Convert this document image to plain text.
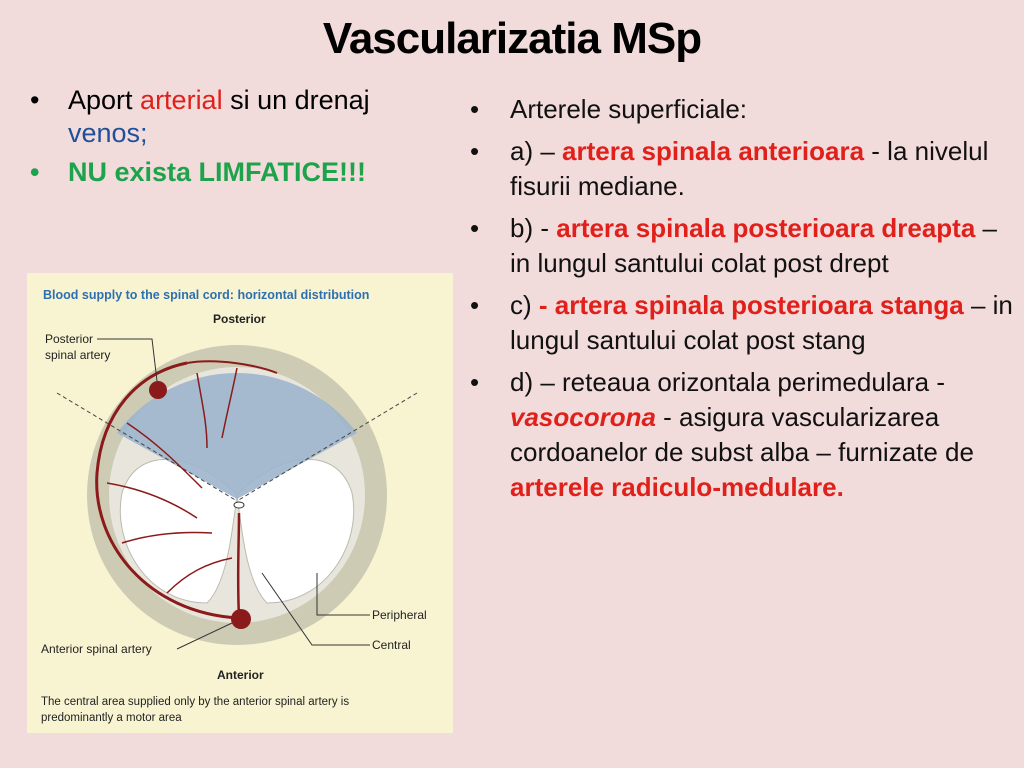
Vascularizatia MSp
• Aport arterial si un drenaj venos;
• NU exista LIMFATICE!!!
• Arterele superficiale:
• a) – artera spinala anterioara - la nivelul fisurii mediane.
• b) - artera spinala posterioara dreapta – in lungul santului colat post drept
• c) - artera spinala posterioara stanga – in lungul santului colat post stang
• d) – reteaua orizontala perimedulara - vasocorona - asigura vascularizarea cordoanelor de subst alba – furnizate de arterele radiculo-medulare.
Blood supply to the spinal cord: horizontal distribution
Posterior
Posterior
spinal artery
Peripheral
Central
Anterior spinal artery
Anterior
The central area supplied only by the anterior spinal artery is
predominantly a motor area
